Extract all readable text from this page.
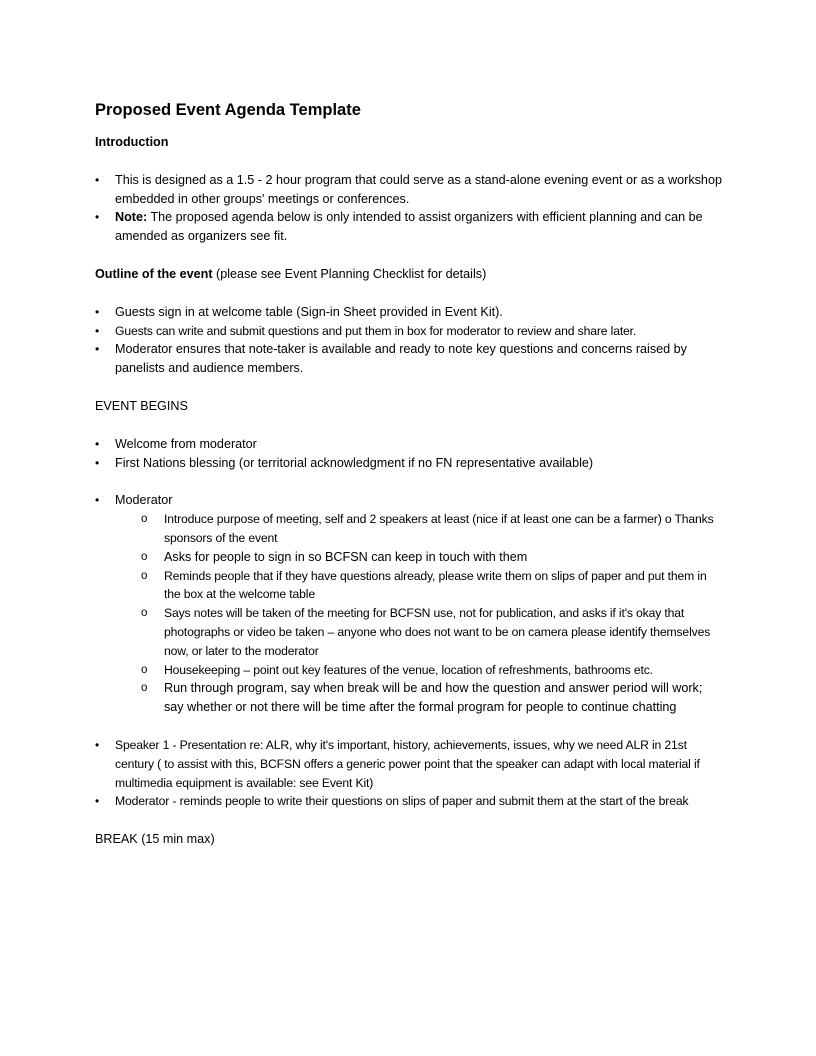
Proposed Event Agenda Template

Introduction

• This is designed as a 1.5 - 2 hour program that could serve as a stand-alone evening event or as a workshop embedded in other groups' meetings or conferences.
• Note: The proposed agenda below is only intended to assist organizers with efficient planning and can be amended as organizers see fit.

Outline of the event (please see Event Planning Checklist for details)

• Guests sign in at welcome table (Sign-in Sheet provided in Event Kit).
• Guests can write and submit questions and put them in box for moderator to review and share later.
• Moderator ensures that note-taker is available and ready to note key questions and concerns raised by panelists and audience members.

EVENT BEGINS

• Welcome from moderator
• First Nations blessing (or territorial acknowledgment if no FN representative available)
• Moderator
o Introduce purpose of meeting, self and 2 speakers at least (nice if at least one can be a farmer) o Thanks sponsors of the event
o Asks for people to sign in so BCFSN can keep in touch with them
o Reminds people that if they have questions already, please write them on slips of paper and put them in the box at the welcome table
o Says notes will be taken of the meeting for BCFSN use, not for publication, and asks if it's okay that photographs or video be taken – anyone who does not want to be on camera please identify themselves now, or later to the moderator
o Housekeeping – point out key features of the venue, location of refreshments, bathrooms etc.
o Run through program, say when break will be and how the question and answer period will work; say whether or not there will be time after the formal program for people to continue chatting
• Speaker 1 - Presentation re: ALR, why it's important, history, achievements, issues, why we need ALR in 21st century ( to assist with this, BCFSN offers a generic power point that the speaker can adapt with local material if multimedia equipment is available: see Event Kit)
• Moderator - reminds people to write their questions on slips of paper and submit them at the start of the break

BREAK (15 min max)
